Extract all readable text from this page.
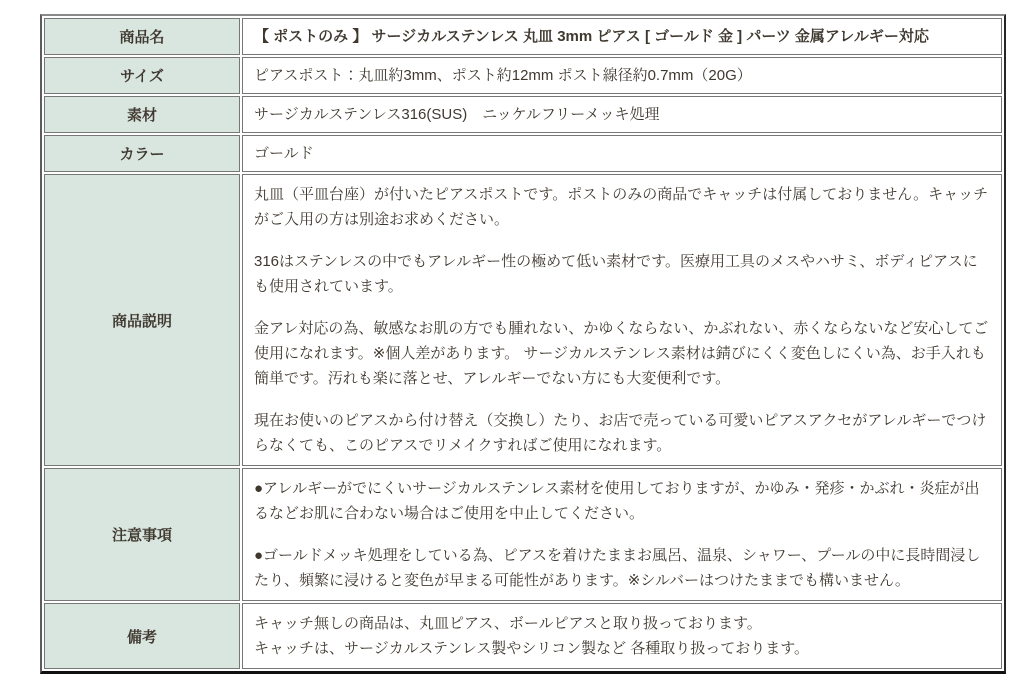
商品名	【 ポストのみ 】 サージカルステンレス 丸皿 3mm ピアス [ ゴールド 金 ] パーツ 金属アレルギー対応

サイズ	ピアスポスト：丸皿約3mm、ポスト約12mm ポスト線径約0.7mm（20G）

素材	サージカルステンレス316(SUS)　ニッケルフリーメッキ処理

カラー	ゴールド

商品説明	丸皿（平皿台座）が付いたピアスポストです。ポストのみの商品でキャッチは付属しておりません。キャッチがご入用の方は別途お求めください。

316はステンレスの中でもアレルギー性の極めて低い素材です。医療用工具のメスやハサミ、ボディピアスにも使用されています。

金アレ対応の為、敏感なお肌の方でも腫れない、かゆくならない、かぶれない、赤くならないなど安心してご使用になれます。※個人差があります。 サージカルステンレス素材は錆びにくく変色しにくい為、お手入れも簡単です。汚れも楽に落とせ、アレルギーでない方にも大変便利です。

現在お使いのピアスから付け替え（交換し）たり、お店で売っている可愛いピアスアクセがアレルギーでつけらなくても、このピアスでリメイクすればご使用になれます。

注意事項	●アレルギーがでにくいサージカルステンレス素材を使用しておりますが、かゆみ・発疹・かぶれ・炎症が出るなどお肌に合わない場合はご使用を中止してください。

●ゴールドメッキ処理をしている為、ピアスを着けたままお風呂、温泉、シャワー、プールの中に長時間浸したり、頻繁に浸けると変色が早まる可能性があります。※シルバーはつけたままでも構いません。

備考	キャッチ無しの商品は、丸皿ピアス、ボールピアスと取り扱っております。

キャッチは、サージカルステンレス製やシリコン製など 各種取り扱っております。
